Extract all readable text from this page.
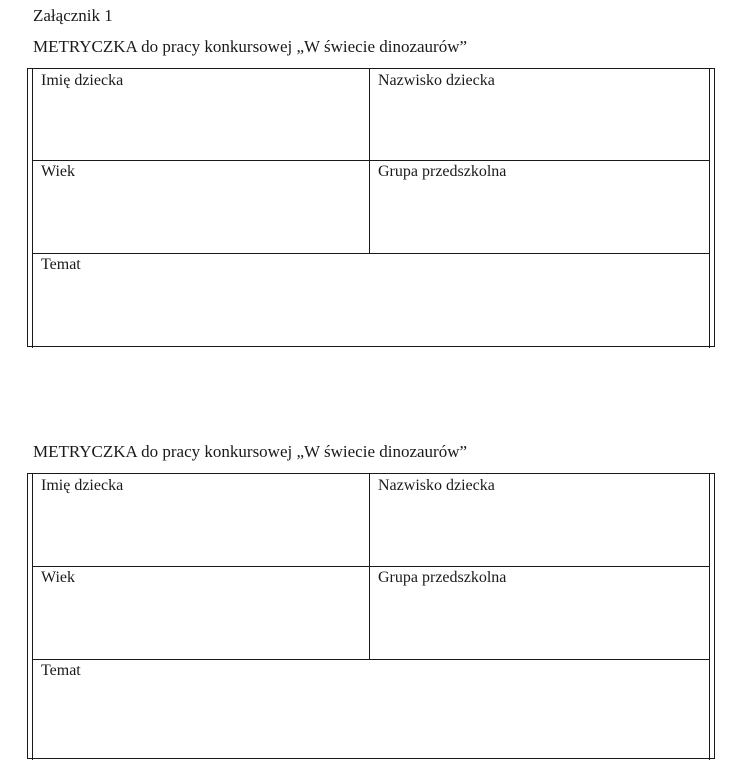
Załącznik 1
METRYCZKA do pracy konkursowej „W świecie dinozaurów”
Imię dziecka	Nazwisko dziecka
Wiek	Grupa przedszkolna
Temat
METRYCZKA do pracy konkursowej „W świecie dinozaurów”
Imię dziecka	Nazwisko dziecka
Wiek	Grupa przedszkolna
Temat
